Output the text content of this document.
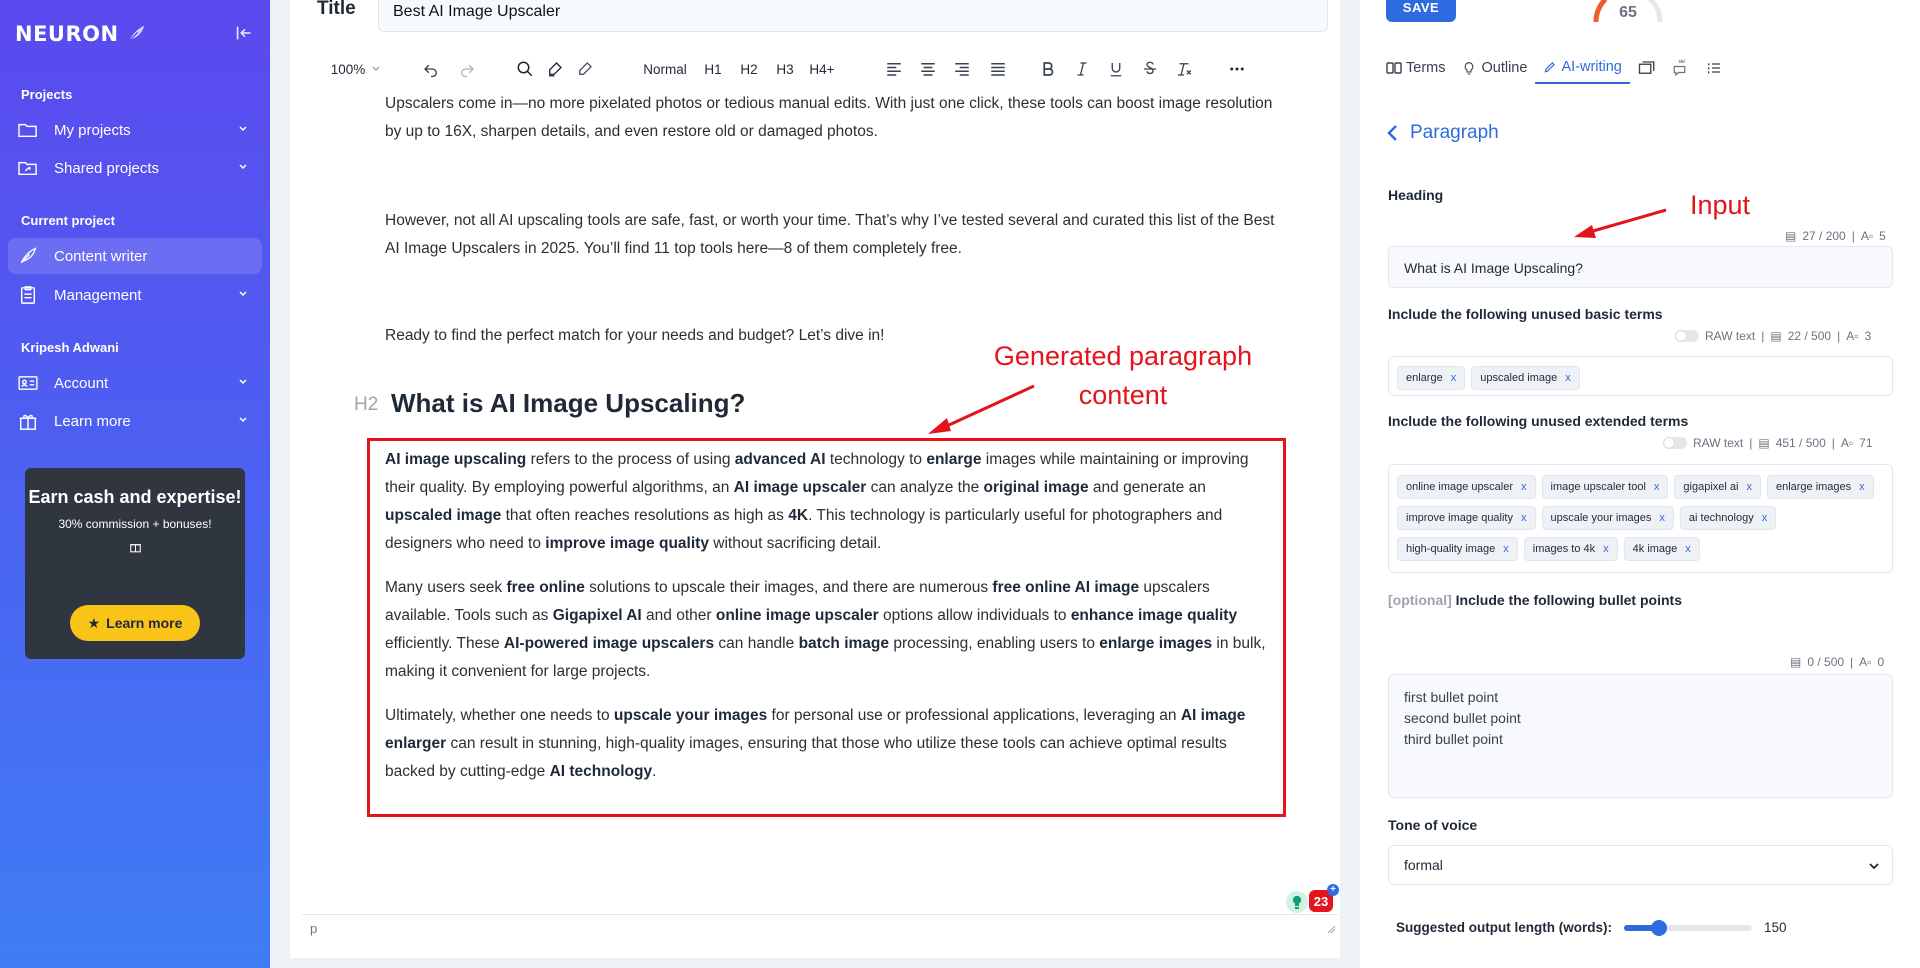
NEURON
Projects
My projects
Shared projects
Current project
Content writer
Management
Kripesh Adwani
Account
Learn more
Earn cash and expertise!

30% commission + bonuses!

★ Learn more
Title	Best AI Image Upscaler
100%	Normal	H1	H2	H3	H4+

Upscalers come in—no more pixelated photos or tedious manual edits. With just one click, these tools can boost image resolution by up to 16X, sharpen details, and even restore old or damaged photos.

However, not all AI upscaling tools are safe, fast, or worth your time. That’s why I’ve tested several and curated this list of the Best AI Image Upscalers in 2025. You’ll find 11 top tools here—8 of them completely free.

Ready to find the perfect match for your needs and budget? Let’s dive in!

H2 What is AI Image Upscaling?

AI image upscaling refers to the process of using advanced AI technology to enlarge images while maintaining or improving their quality. By employing powerful algorithms, an AI image upscaler can analyze the original image and generate an upscaled image that often reaches resolutions as high as 4K. This technology is particularly useful for photographers and designers who need to improve image quality without sacrificing detail.

Many users seek free online solutions to upscale their images, and there are numerous free online AI image upscalers available. Tools such as Gigapixel AI and other online image upscaler options allow individuals to enhance image quality efficiently. These AI-powered image upscalers can handle batch image processing, enabling users to enlarge images in bulk, making it convenient for large projects.

Ultimately, whether one needs to upscale your images for personal use or professional applications, leveraging an AI image enlarger can result in stunning, high-quality images, ensuring that those who utilize these tools can achieve optimal results backed by cutting-edge AI technology.

Generated paragraph content
p
23
+
SAVE	65
Terms Outline AI-writing
Paragraph
Heading
▤ 27 / 200 | A▫ 5
What is AI Image Upscaling?
Input
Include the following unused basic terms
RAW text | ▤ 22 / 500 | A▫ 3
enlarge x upscaled image x
Include the following unused extended terms
RAW text | ▤ 451 / 500 | A▫ 71
online image upscaler x image upscaler tool x gigapixel ai x enlarge images x
improve image quality x upscale your images x ai technology x
high-quality image x images to 4k x 4k image x
[optional] Include the following bullet points
▤ 0 / 500 | A▫ 0
first bullet point
second bullet point
third bullet point
Tone of voice
formal
Suggested output length (words):	150
